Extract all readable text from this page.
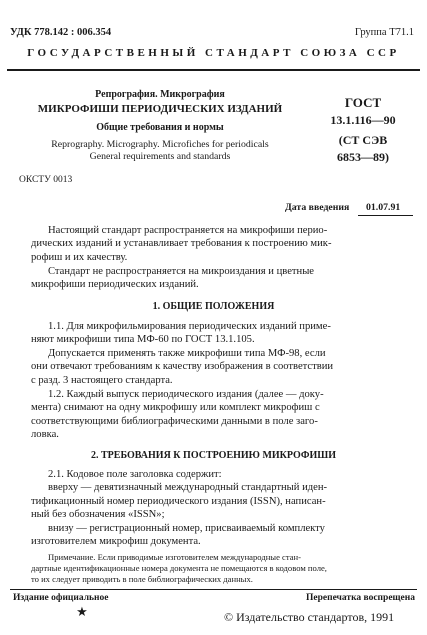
УДК 778.142 : 006.354	Группа Т71.1
ГОСУДАРСТВЕННЫЙ СТАНДАРТ СОЮЗА ССР
Репрография. Микрография
МИКРОФИШИ ПЕРИОДИЧЕСКИХ ИЗДАНИЙ
Общие требования и нормы
Reprography. Micrography. Microfiches for periodicals
General requirements and standards
ОКСТУ 0013
ГОСТ
13.1.116—90
(СТ СЭВ
6853—89)
Дата введения 01.07.91
Настоящий стандарт распространяется на микрофиши перио-
дических изданий и устанавливает требования к построению мик-
рофиш и их качеству.
Стандарт не распространяется на микроиздания и цветные
микрофиши периодических изданий.
1. ОБЩИЕ ПОЛОЖЕНИЯ
1.1. Для микрофильмирования периодических изданий приме-
няют микрофиши типа МФ-60 по ГОСТ 13.1.105.
Допускается применять также микрофиши типа МФ-98, если
они отвечают требованиям к качеству изображения в соответствии
с разд. 3 настоящего стандарта.
1.2. Каждый выпуск периодического издания (далее — доку-
мента) снимают на одну микрофишу или комплект микрофиш с
соответствующими библиографическими данными в поле заго-
ловка.
2. ТРЕБОВАНИЯ К ПОСТРОЕНИЮ МИКРОФИШИ
2.1. Кодовое поле заголовка содержит:
вверху — девятизначный международный стандартный иден-
тификационный номер периодического издания (ISSN), написан-
ный без обозначения «ISSN»;
внизу — регистрационный номер, присваиваемый комплекту
изготовителем микрофиш документа.
Примечание. Если приводимые изготовителем международные стан-
дартные идентификационные номера документа не помещаются в кодовом поле,
то их следует приводить в поле библиографических данных.
Издание официальное	Перепечатка воспрещена
★	© Издательство стандартов, 1991
